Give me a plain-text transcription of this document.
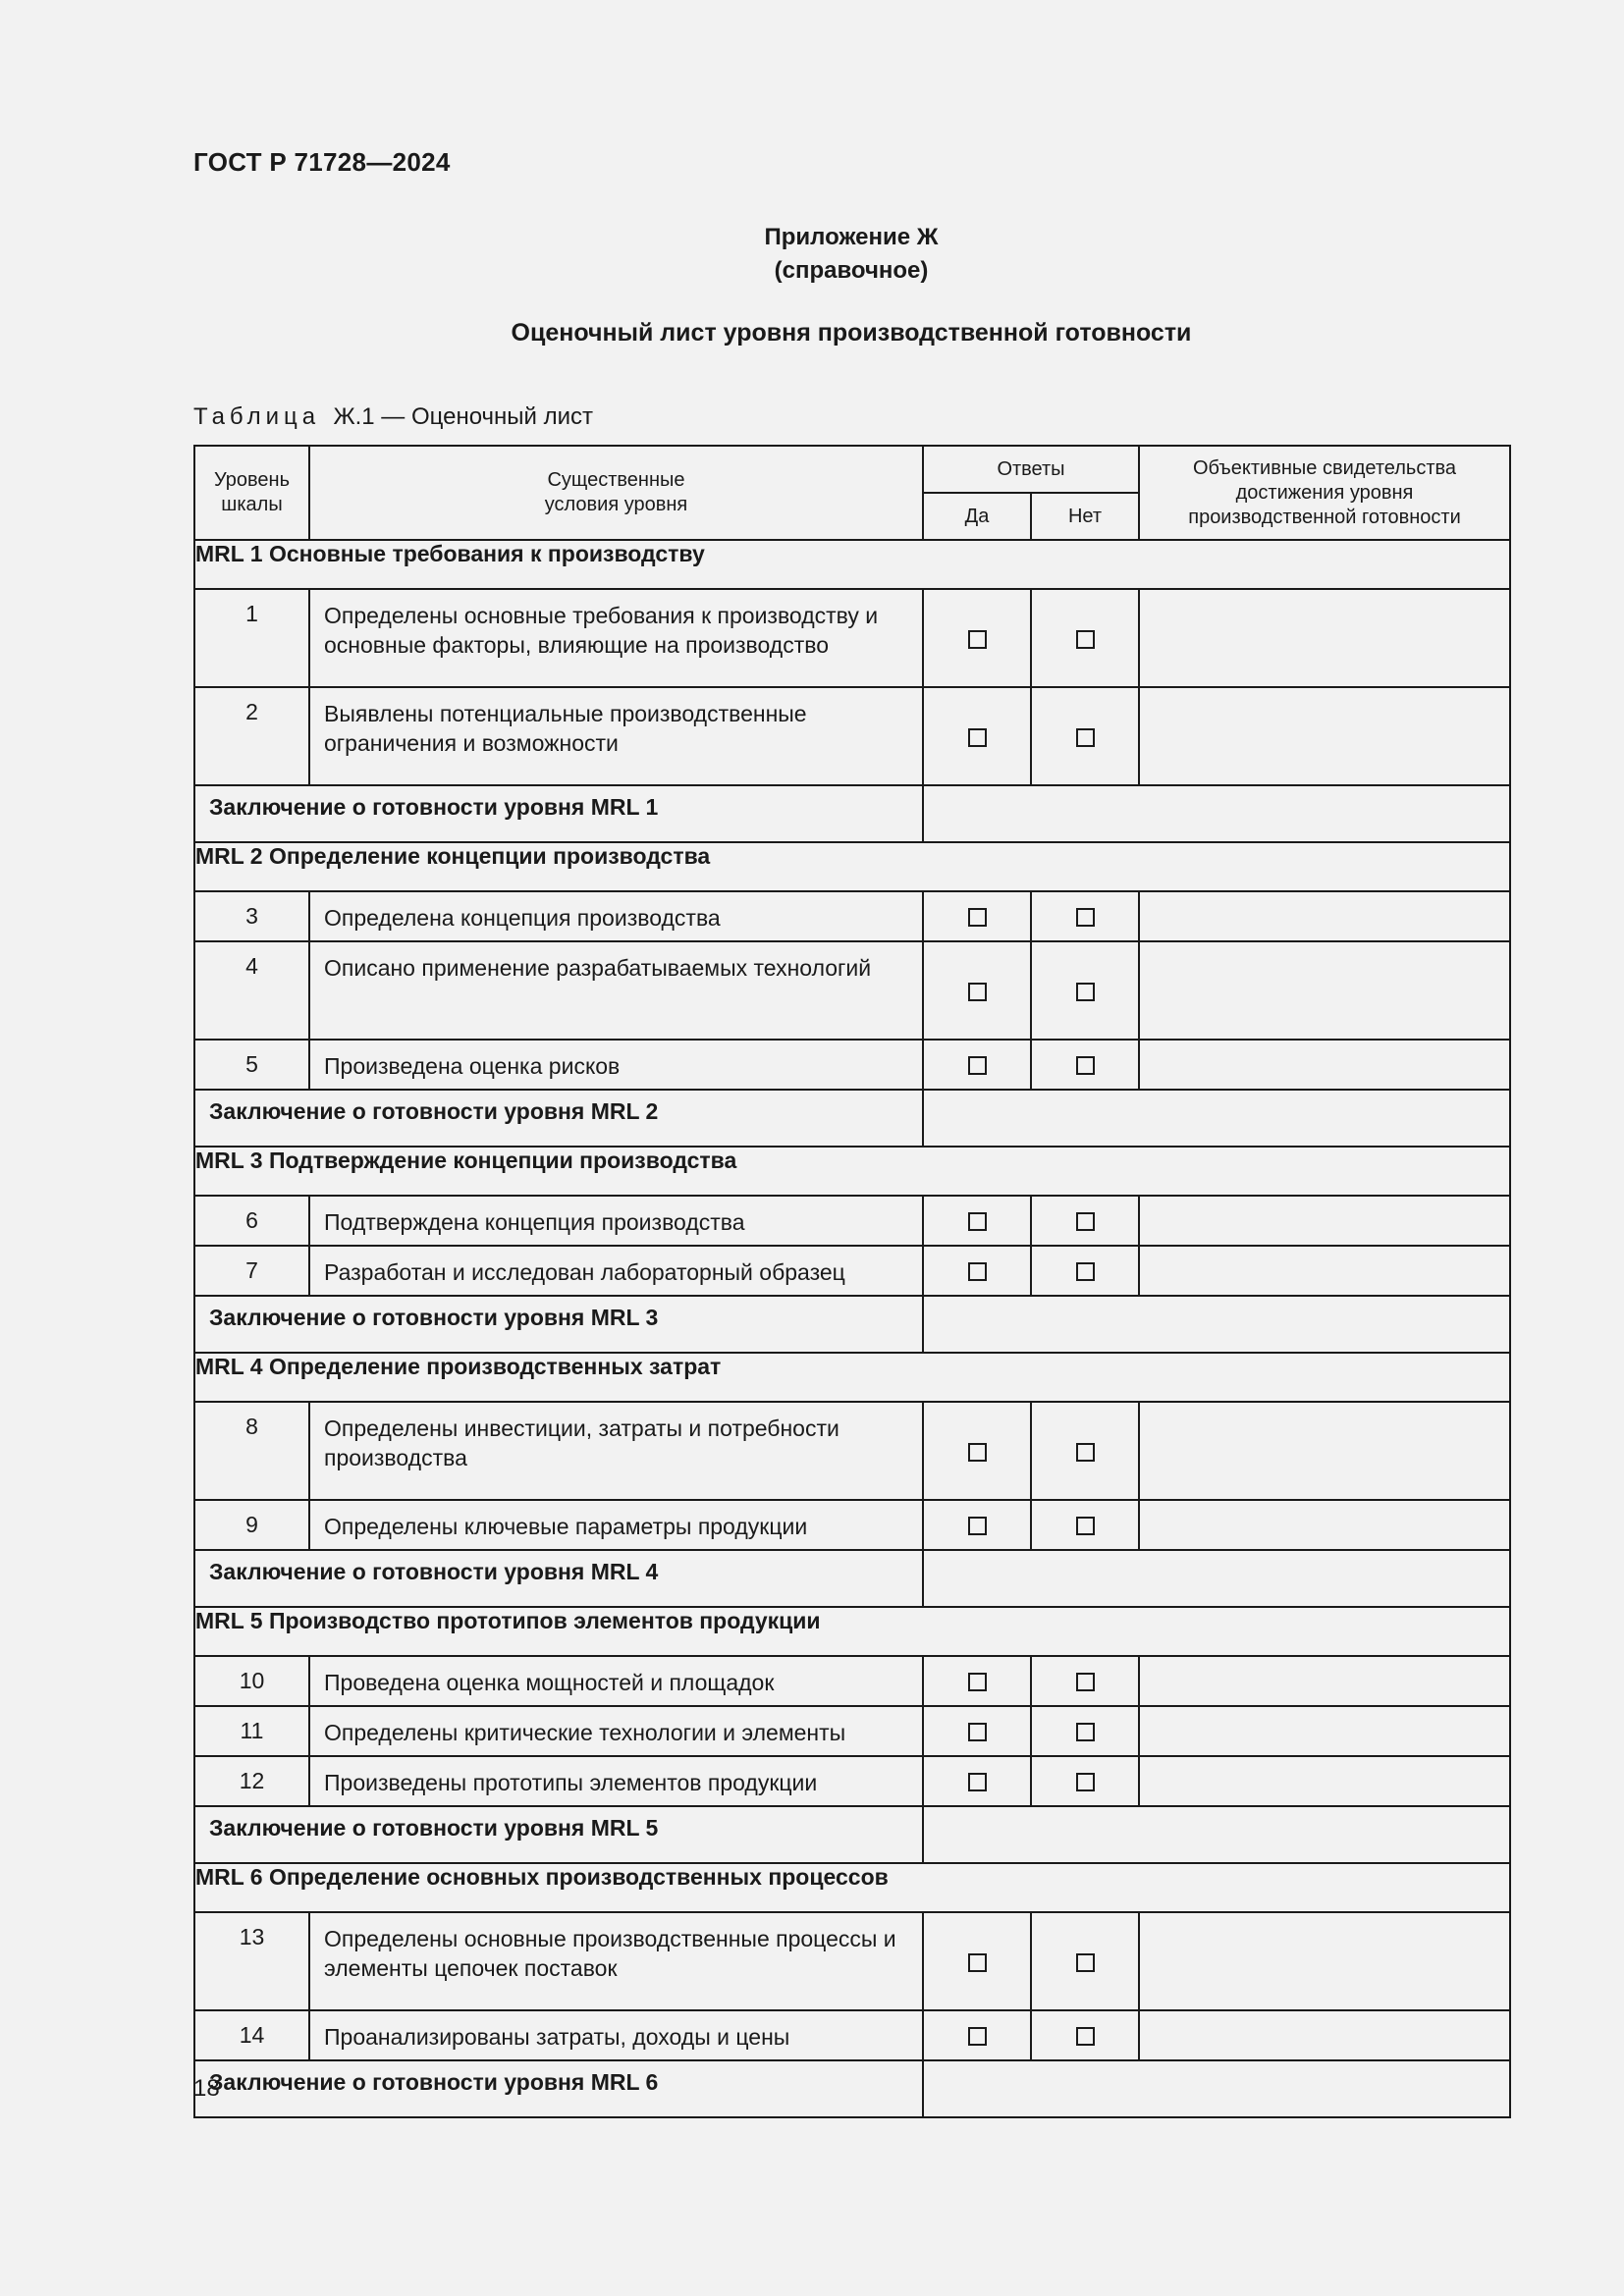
ГОСТ Р 71728—2024
Приложение Ж
(справочное)
Оценочный лист уровня производственной готовности
Таблица Ж.1 — Оценочный лист
Уровень шкалы	Существенные условия уровня	Ответы		Объективные свидетельства достижения уровня производственной готовности
		Да	Нет	
MRL 1 Основные требования к производству				
1	Определены основные требования к производству и основные факторы, влияющие на производство			
2	Выявлены потенциальные производственные ограничения и возможности			
Заключение о готовности уровня MRL 1				
MRL 2 Определение концепции производства				
3	Определена концепция производства			
4	Описано применение разрабатываемых технологий			
5	Произведена оценка рисков			
Заключение о готовности уровня MRL 2				
MRL 3 Подтверждение концепции производства				
6	Подтверждена концепция производства			
7	Разработан и исследован лабораторный образец			
Заключение о готовности уровня MRL 3				
MRL 4 Определение производственных затрат				
8	Определены инвестиции, затраты и потребности производства			
9	Определены ключевые параметры продукции			
Заключение о готовности уровня MRL 4				
MRL 5 Производство прототипов элементов продукции				
10	Проведена оценка мощностей и площадок			
11	Определены критические технологии и элементы			
12	Произведены прототипы элементов продукции			
Заключение о готовности уровня MRL 5				
MRL 6 Определение основных производственных процессов				
13	Определены основные производственные процессы и элементы цепочек поставок			
14	Проанализированы затраты, доходы и цены			
Заключение о готовности уровня MRL 6				
18
